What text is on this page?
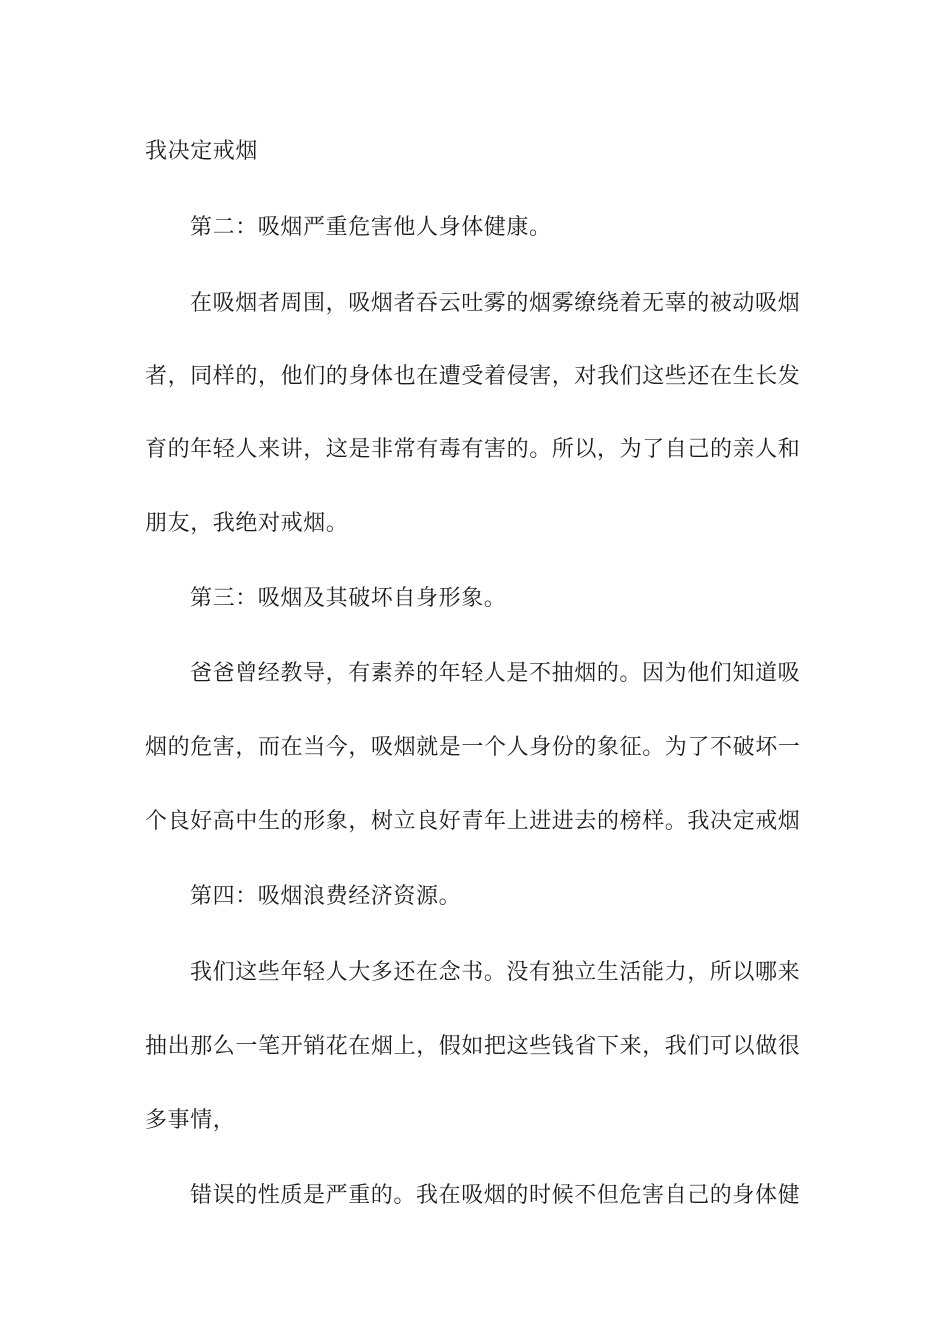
我决定戒烟
第二：吸烟严重危害他人身体健康。
在吸烟者周围，吸烟者吞云吐雾的烟雾缭绕着无辜的被动吸烟
者，同样的，他们的身体也在遭受着侵害，对我们这些还在生长发
育的年轻人来讲，这是非常有毒有害的。所以，为了自己的亲人和
朋友，我绝对戒烟。
第三：吸烟及其破坏自身形象。
爸爸曾经教导，有素养的年轻人是不抽烟的。因为他们知道吸
烟的危害，而在当今，吸烟就是一个人身份的象征。为了不破坏一
个良好高中生的形象，树立良好青年上进进去的榜样。我决定戒烟
第四：吸烟浪费经济资源。
我们这些年轻人大多还在念书。没有独立生活能力，所以哪来
抽出那么一笔开销花在烟上，假如把这些钱省下来，我们可以做很
多事情，
错误的性质是严重的。我在吸烟的时候不但危害自己的身体健
